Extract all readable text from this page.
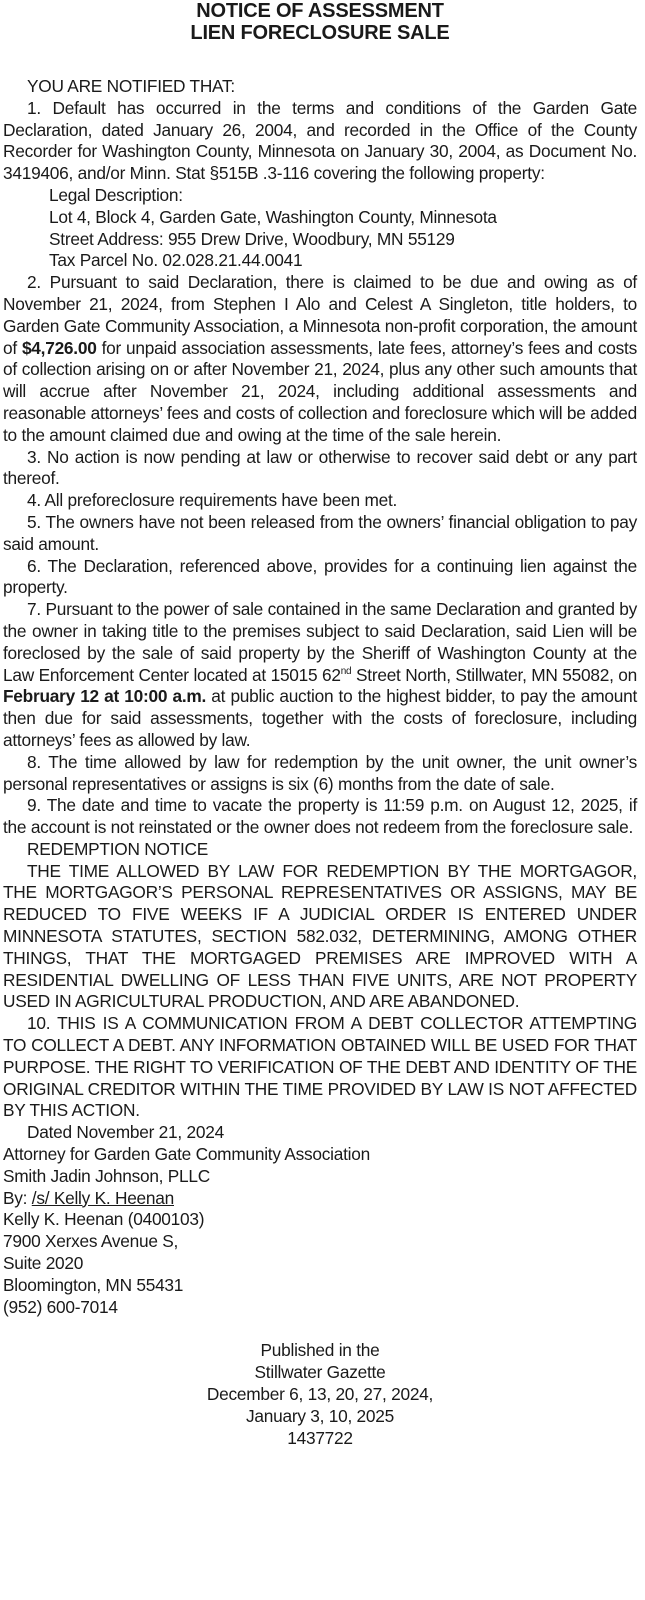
NOTICE OF ASSESSMENT
LIEN FORECLOSURE SALE

YOU ARE NOTIFIED THAT:

1. Default has occurred in the terms and conditions of the Garden Gate Declaration, dated January 26, 2004, and recorded in the Office of the County Recorder for Washington County, Minnesota on January 30, 2004, as Document No. 3419406, and/or Minn. Stat §515B .3-116 covering the following property:

Legal Description:
Lot 4, Block 4, Garden Gate, Washington County, Minnesota
Street Address: 955 Drew Drive, Woodbury, MN 55129
Tax Parcel No. 02.028.21.44.0041

2. Pursuant to said Declaration, there is claimed to be due and owing as of November 21, 2024, from Stephen I Alo and Celest A Singleton, title holders, to Garden Gate Community Association, a Minnesota non-profit corporation, the amount of $4,726.00 for unpaid association assessments, late fees, attorney’s fees and costs of collection arising on or after November 21, 2024, plus any other such amounts that will accrue after November 21, 2024, including additional assessments and reasonable attorneys’ fees and costs of collection and foreclosure which will be added to the amount claimed due and owing at the time of the sale herein.

3. No action is now pending at law or otherwise to recover said debt or any part thereof.

4. All preforeclosure requirements have been met.

5. The owners have not been released from the owners’ financial obligation to pay said amount.

6. The Declaration, referenced above, provides for a continuing lien against the property.

7. Pursuant to the power of sale contained in the same Declaration and granted by the owner in taking title to the premises subject to said Declaration, said Lien will be foreclosed by the sale of said property by the Sheriff of Washington County at the Law Enforcement Center located at 15015 62nd Street North, Stillwater, MN 55082, on February 12 at 10:00 a.m. at public auction to the highest bidder, to pay the amount then due for said assessments, together with the costs of foreclosure, including attorneys’ fees as allowed by law.

8. The time allowed by law for redemption by the unit owner, the unit owner’s personal representatives or assigns is six (6) months from the date of sale.

9. The date and time to vacate the property is 11:59 p.m. on August 12, 2025, if the account is not reinstated or the owner does not redeem from the foreclosure sale.

REDEMPTION NOTICE

THE TIME ALLOWED BY LAW FOR REDEMPTION BY THE MORTGAGOR, THE MORTGAGOR’S PERSONAL REPRESENTATIVES OR ASSIGNS, MAY BE REDUCED TO FIVE WEEKS IF A JUDICIAL ORDER IS ENTERED UNDER MINNESOTA STATUTES, SECTION 582.032, DETERMINING, AMONG OTHER THINGS, THAT THE MORTGAGED PREMISES ARE IMPROVED WITH A RESIDENTIAL DWELLING OF LESS THAN FIVE UNITS, ARE NOT PROPERTY USED IN AGRICULTURAL PRODUCTION, AND ARE ABANDONED.

10. THIS IS A COMMUNICATION FROM A DEBT COLLECTOR ATTEMPTING TO COLLECT A DEBT. ANY INFORMATION OBTAINED WILL BE USED FOR THAT PURPOSE. THE RIGHT TO VERIFICATION OF THE DEBT AND IDENTITY OF THE ORIGINAL CREDITOR WITHIN THE TIME PROVIDED BY LAW IS NOT AFFECTED BY THIS ACTION.

Dated November 21, 2024

Attorney for Garden Gate Community Association
Smith Jadin Johnson, PLLC
By: /s/ Kelly K. Heenan
Kelly K. Heenan (0400103)
7900 Xerxes Avenue S,
Suite 2020
Bloomington, MN 55431
(952) 600-7014
Published in the
Stillwater Gazette
December 6, 13, 20, 27, 2024,
January 3, 10, 2025
1437722
